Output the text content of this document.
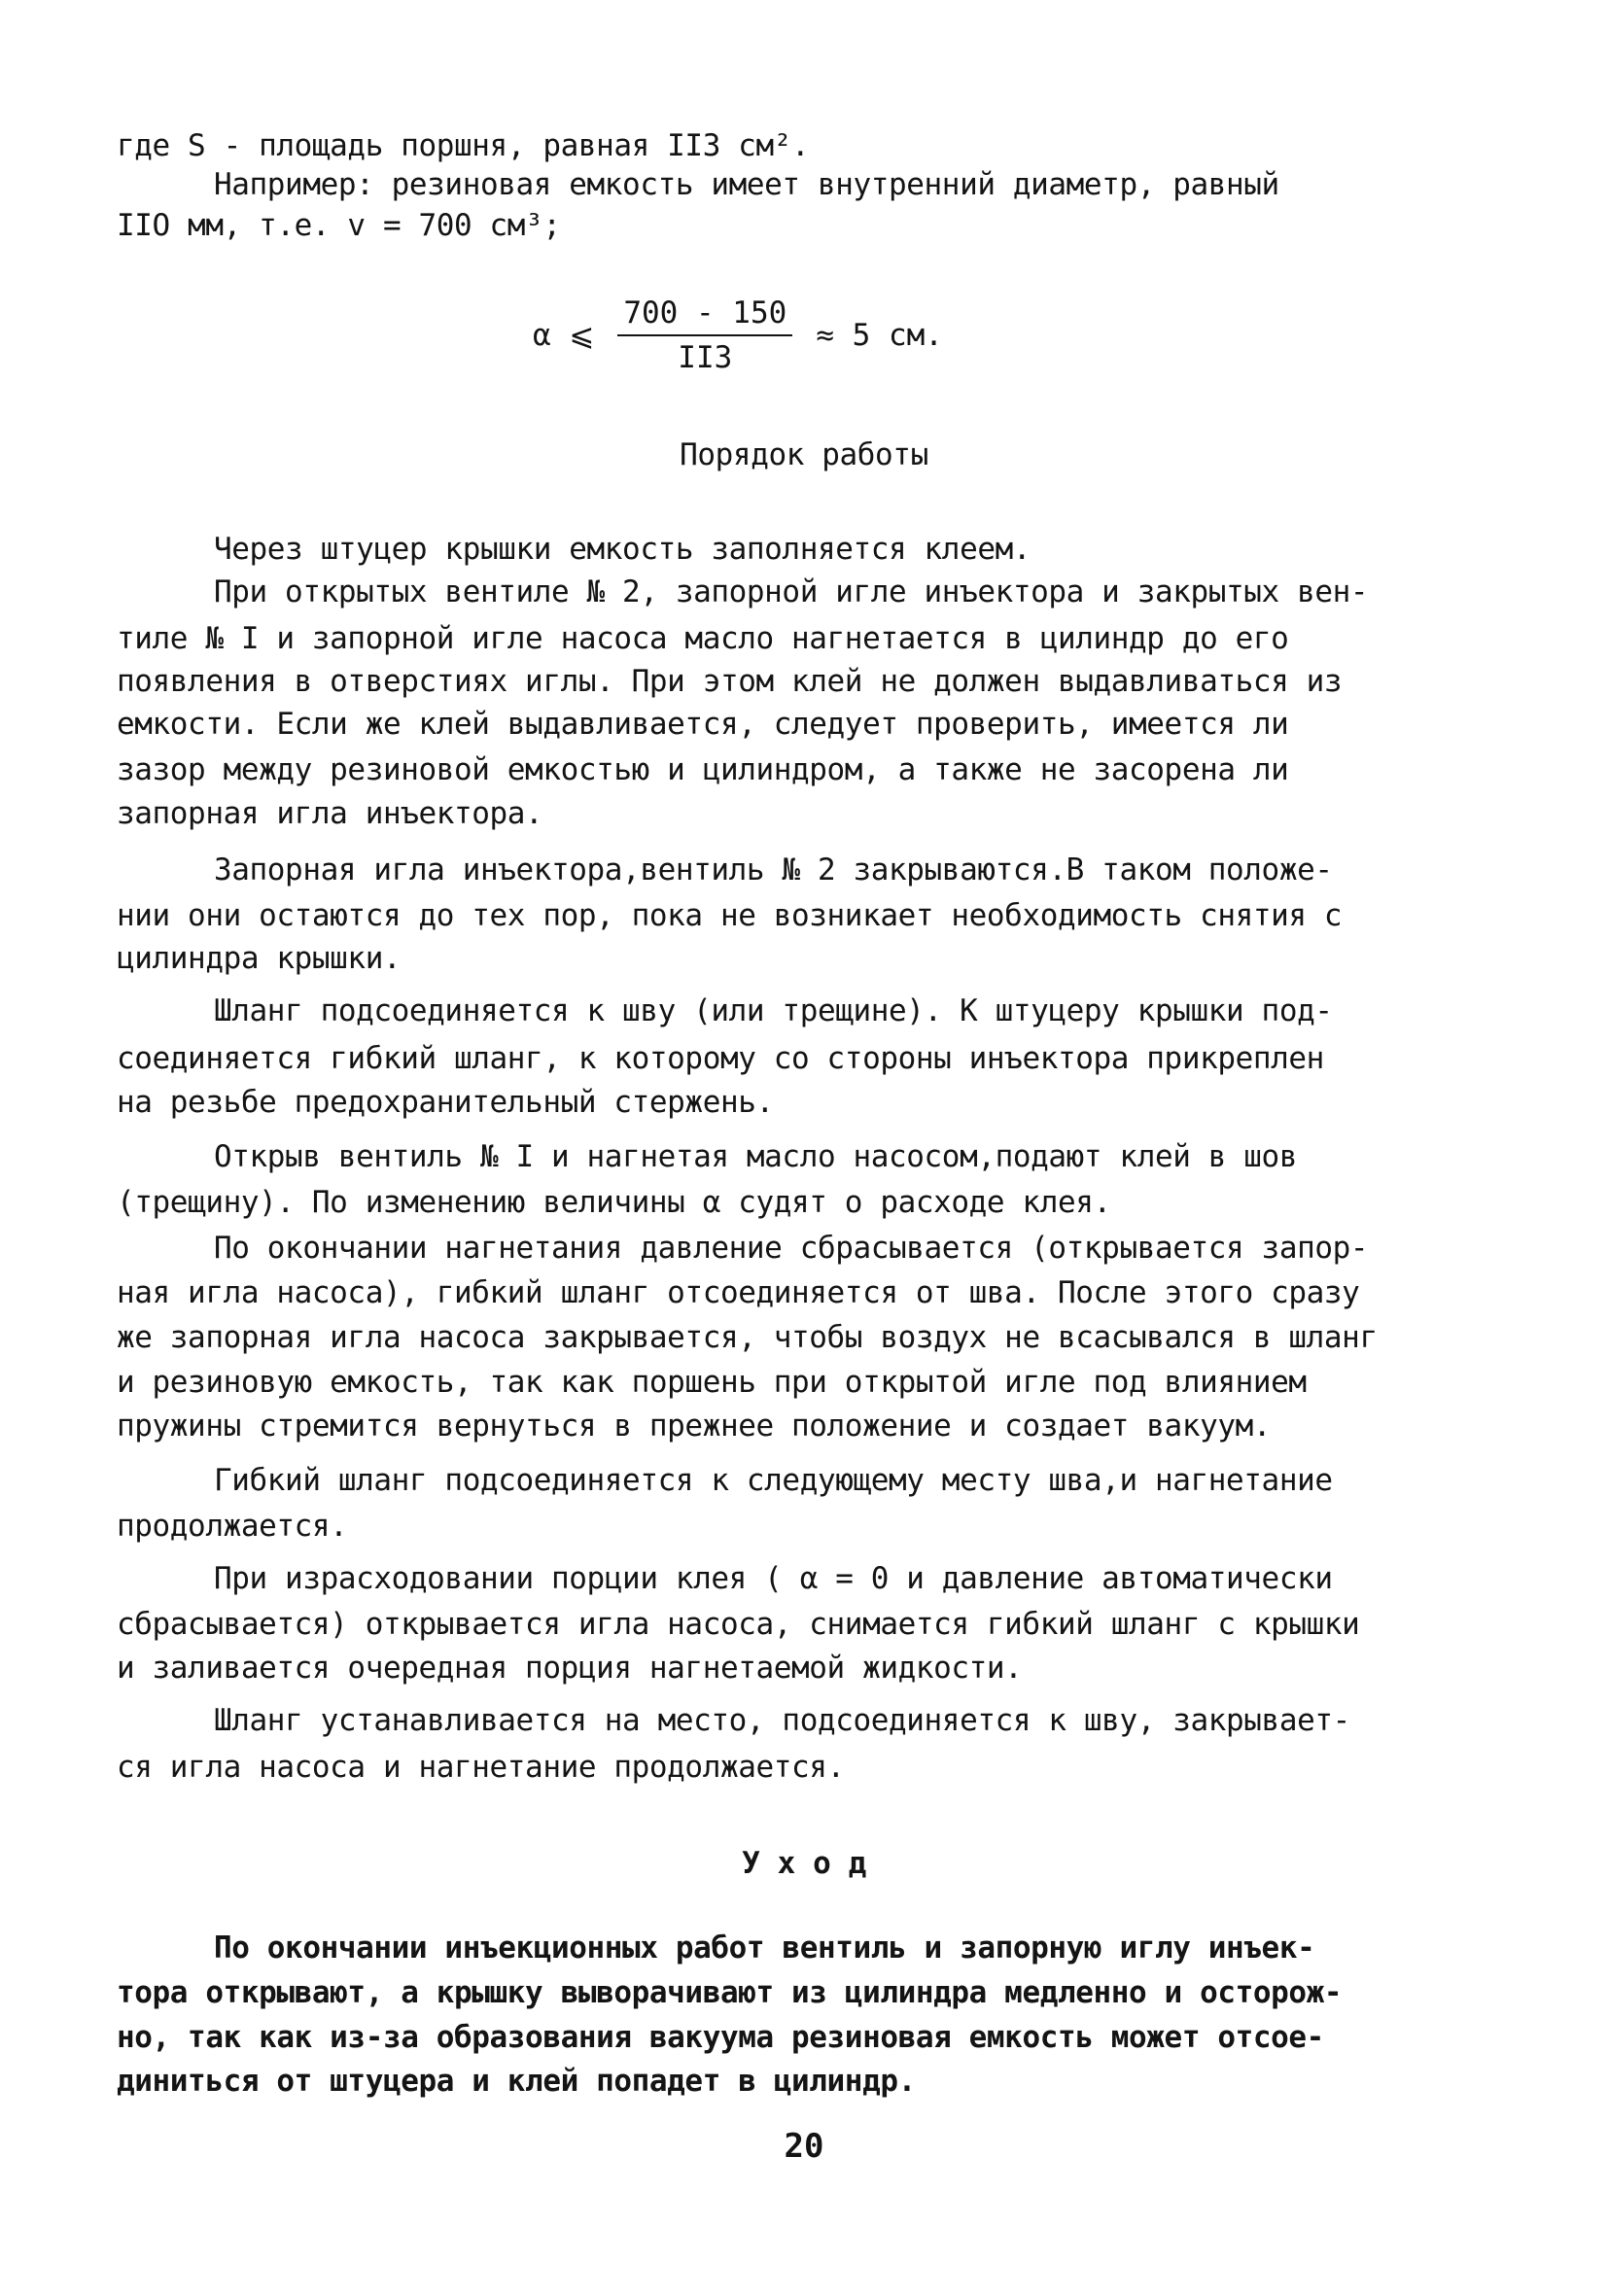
где S - площадь поршня, равная II3 см².
Например: резиновая емкость имеет внутренний диаметр, равный
IIO мм, т.е. v = 700 см³;
α ⩽ $\frac{700 - 150}{II3} \approx 5$ см.
Порядок работы
Через штуцер крышки емкость заполняется клеем.
При открытых вентиле № 2, запорной игле инъектора и закрытых вен-
тиле № I и запорной игле насоса масло нагнетается в цилиндр до его
появления в отверстиях иглы. При этом клей не должен выдавливаться из
емкости. Если же клей выдавливается, следует проверить, имеется ли
зазор между резиновой емкостью и цилиндром, а также не засорена ли
запорная игла инъектора.
Запорная игла инъектора,вентиль № 2 закрываются.В таком положе-
нии они остаются до тех пор, пока не возникает необходимость снятия с
цилиндра крышки.
Шланг подсоединяется к шву (или трещине). К штуцеру крышки под-
соединяется гибкий шланг, к которому со стороны инъектора прикреплен
на резьбе предохранительный стержень.
Открыв вентиль № I и нагнетая масло насосом,подают клей в шов
(трещину). По изменению величины α судят о расходе клея.
По окончании нагнетания давление сбрасывается (открывается запор-
ная игла насоса), гибкий шланг отсоединяется от шва. После этого сразу
же запорная игла насоса закрывается, чтобы воздух не всасывался в шланг
и резиновую емкость, так как поршень при открытой игле под влиянием
пружины стремится вернуться в прежнее положение и создает вакуум.
Гибкий шланг подсоединяется к следующему месту шва,и нагнетание
продолжается.
При израсходовании порции клея ( α = 0 и давление автоматически
сбрасывается) открывается игла насоса, снимается гибкий шланг с крышки
и заливается очередная порция нагнетаемой жидкости.
Шланг устанавливается на место, подсоединяется к шву, закрывает-
ся игла насоса и нагнетание продолжается.
У х о д
По окончании инъекционных работ вентиль и запорную иглу инъек-
тора открывают, а крышку выворачивают из цилиндра медленно и осторож-
но, так как из-за образования вакуума резиновая емкость может отсое-
диниться от штуцера и клей попадет в цилиндр.
20
